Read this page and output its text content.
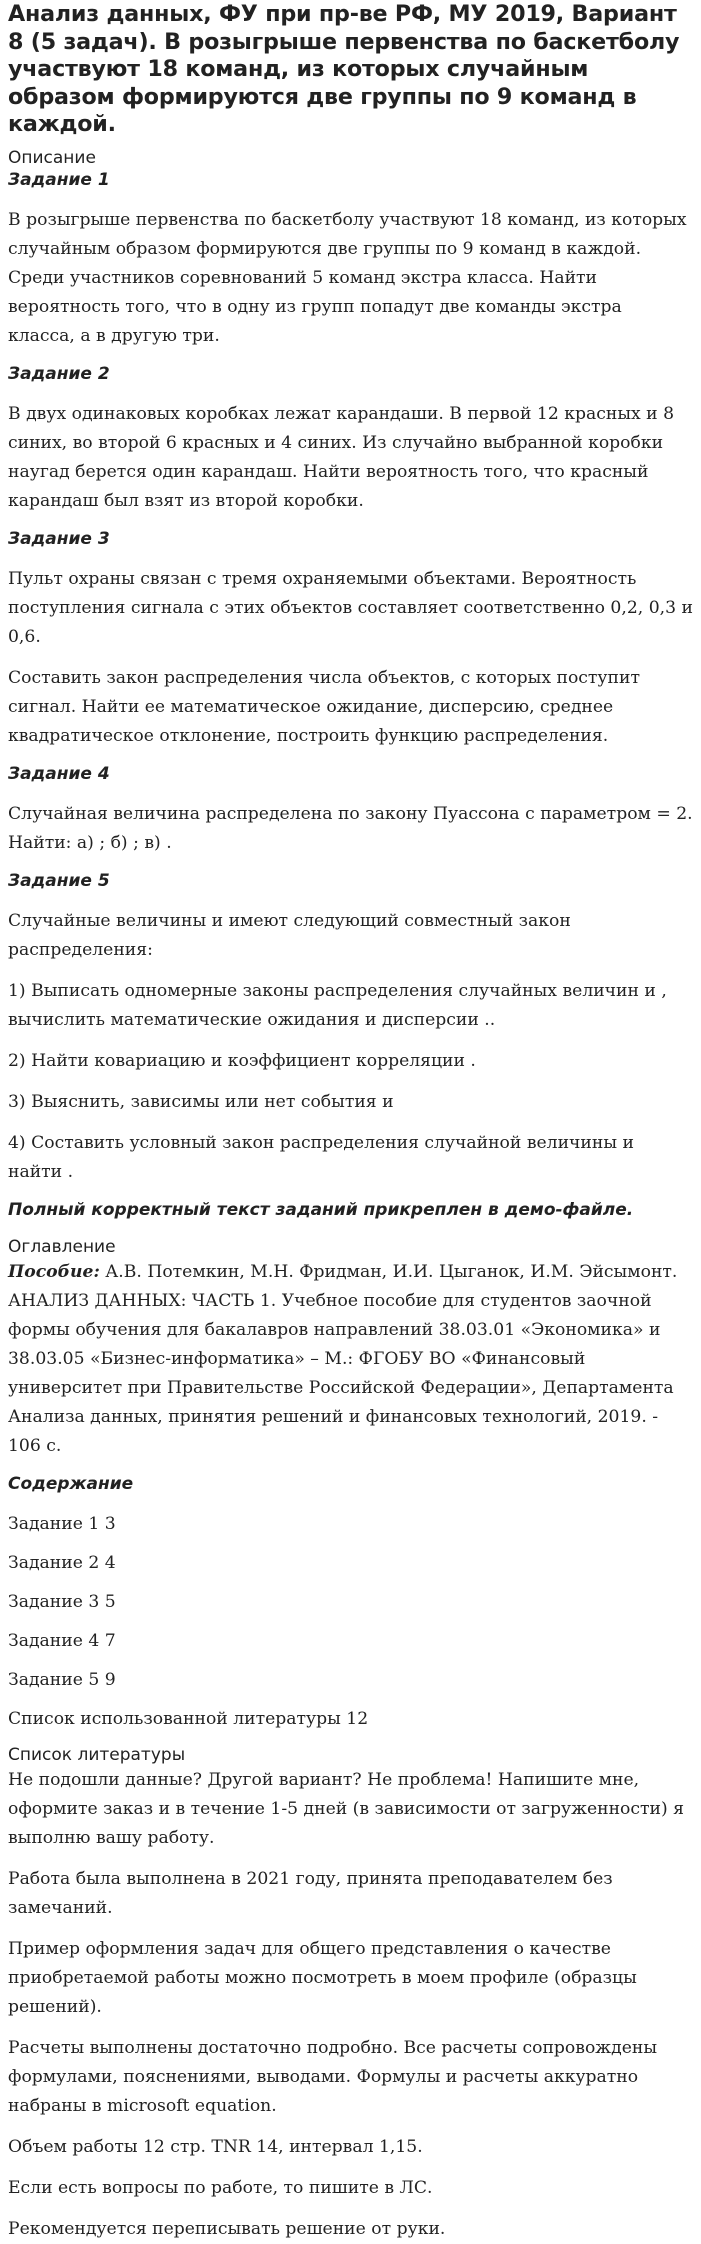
Анализ данных, ФУ при пр-ве РФ, МУ 2019, Вариант 8 (5 задач). В розыгрыше первенства по баскетболу участвуют 18 команд, из которых случайным образом формируются две группы по 9 команд в каждой.
Описание
Задание 1

В розыгрыше первенства по баскетболу участвуют 18 команд, из которых случайным образом формируются две группы по 9 команд в каждой. Среди участников соревнований 5 команд экстра класса. Найти вероятность того, что в одну из групп попадут две команды экстра класса, а в другую три.

Задание 2

В двух одинаковых коробках лежат карандаши. В первой 12 красных и 8 синих, во второй 6 красных и 4 синих. Из случайно выбранной коробки наугад берется один карандаш. Найти вероятность того, что красный карандаш был взят из второй коробки.

Задание 3

Пульт охраны связан с тремя охраняемыми объектами. Вероятность поступления сигнала с этих объектов составляет соответственно 0,2, 0,3 и 0,6.

Составить закон распределения числа объектов, с которых поступит сигнал. Найти ее математическое ожидание, дисперсию, среднее квадратическое отклонение, построить функцию распределения.

Задание 4

Случайная величина распределена по закону Пуассона с параметром = 2. Найти: а) ; б) ; в) .

Задание 5

Случайные величины и имеют следующий совместный закон распределения:

1) Выписать одномерные законы распределения случайных величин и , вычислить математические ожидания и дисперсии ..

2) Найти ковариацию и коэффициент корреляции .

3) Выяснить, зависимы или нет события и

4) Составить условный закон распределения случайной величины и найти .

Полный корректный текст заданий прикреплен в демо-файле.
Оглавление

Пособие: А.В. Потемкин, М.Н. Фридман, И.И. Цыганок, И.М. Эйсымонт. АНАЛИЗ ДАННЫХ: ЧАСТЬ 1. Учебное пособие для студентов заочной формы обучения для бакалавров направлений 38.03.01 «Экономика» и 38.03.05 «Бизнес-информатика» – М.: ФГОБУ ВО «Финансовый университет при Правительстве Российской Федерации», Департамента Анализа данных, принятия решений и финансовых технологий, 2019. - 106 с.

Содержание

Задание 1 3

Задание 2 4

Задание 3 5

Задание 4 7

Задание 5 9

Список использованной литературы 12

Список литературы

Не подошли данные? Другой вариант? Не проблема! Напишите мне, оформите заказ и в течение 1-5 дней (в зависимости от загруженности) я выполню вашу работу.

Работа была выполнена в 2021 году, принята преподавателем без замечаний.

Пример оформления задач для общего представления о качестве приобретаемой работы можно посмотреть в моем профиле (образцы решений).

Расчеты выполнены достаточно подробно. Все расчеты сопровождены формулами, пояснениями, выводами. Формулы и расчеты аккуратно набраны в microsoft equation.

Объем работы 12 стр. TNR 14, интервал 1,15.

Если есть вопросы по работе, то пишите в ЛС.

Рекомендуется переписывать решение от руки.
